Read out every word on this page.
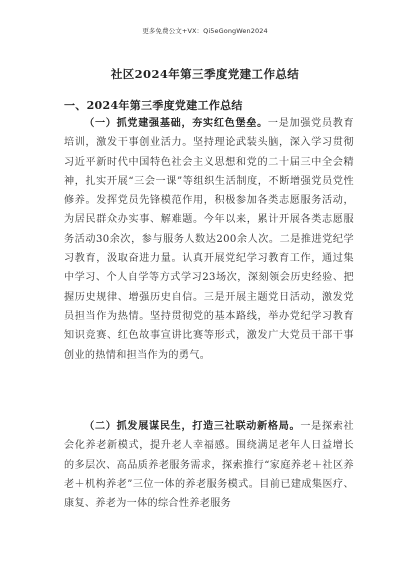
更多免费公文+VX：Qi5eGongWen2024
社区2024年第三季度党建工作总结
一、2024年第三季度党建工作总结

（一）抓党建强基础，夯实红色堡垒。一是加强党员教育培训，激发干事创业活力。坚持理论武装头脑，深入学习贯彻习近平新时代中国特色社会主义思想和党的二十届三中全会精神，扎实开展“三会一课”等组织生活制度，不断增强党员党性修养。发挥党员先锋模范作用，积极参加各类志愿服务活动，为居民群众办实事、解难题。今年以来，累计开展各类志愿服务活动30余次，参与服务人数达200余人次。二是推进党纪学习教育，汲取奋进力量。认真开展党纪学习教育工作，通过集中学习、个人自学等方式学习23场次，深刻领会历史经验、把握历史规律、增强历史自信。三是开展主题党日活动，激发党员担当作为热情。坚持贯彻党的基本路线，举办党纪学习教育知识竞赛、红色故事宣讲比赛等形式，激发广大党员干部干事创业的热情和担当作为的勇气。

（二）抓发展谋民生，打造三社联动新格局。一是探索社会化养老新模式，提升老人幸福感。围绕满足老年人日益增长的多层次、高品质养老服务需求，探索推行“家庭养老＋社区养老＋机构养老”三位一体的养老服务模式。目前已建成集医疗、康复、养老为一体的综合性养老服务
